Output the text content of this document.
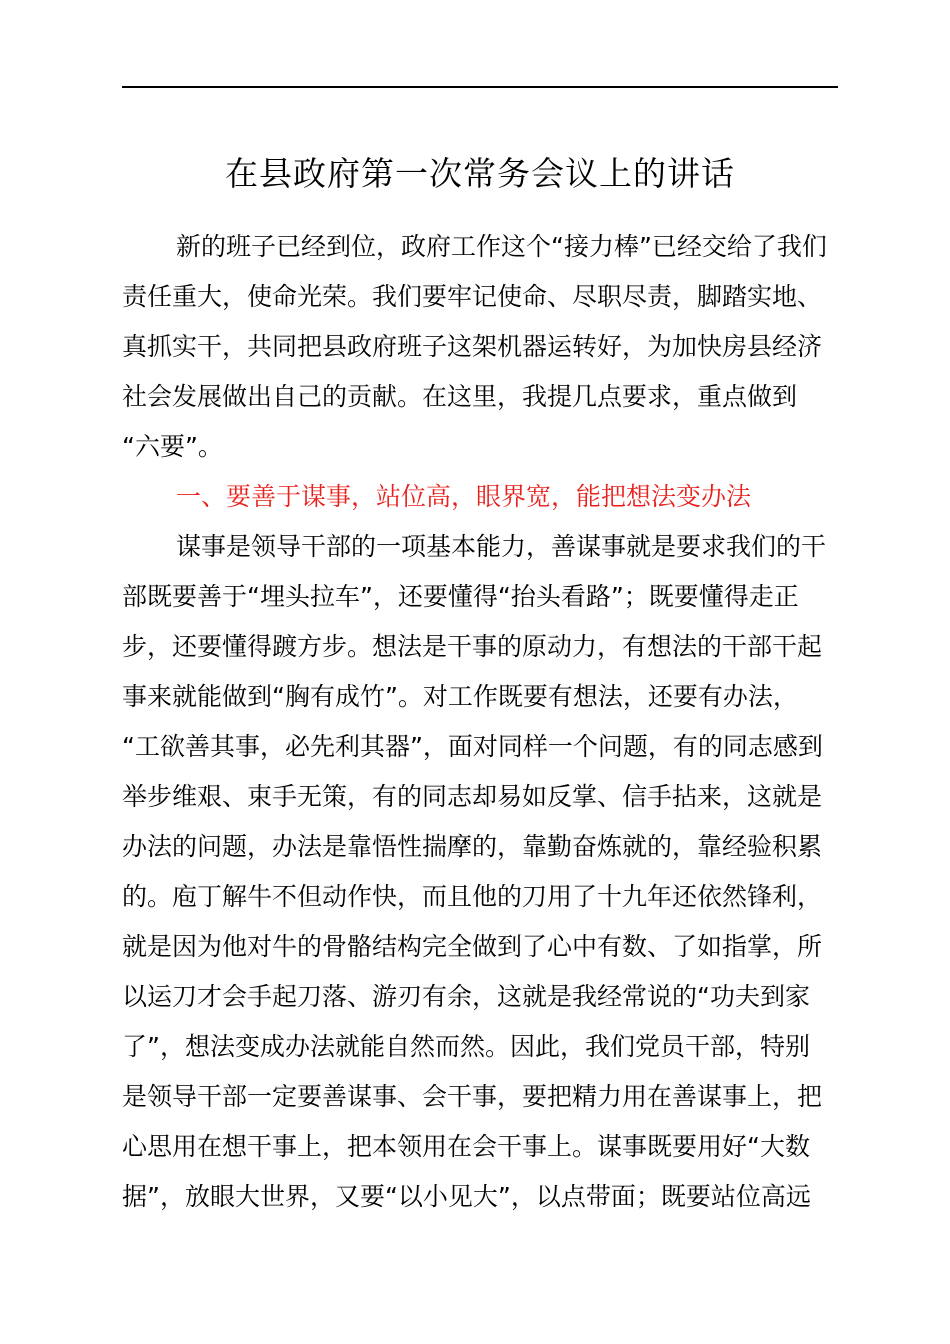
在县政府第一次常务会议上的讲话
新的班子已经到位，政府工作这个“接力棒”已经交给了我们
责任重大，使命光荣。我们要牢记使命、尽职尽责，脚踏实地、
真抓实干，共同把县政府班子这架机器运转好，为加快房县经济
社会发展做出自己的贡献。在这里，我提几点要求，重点做到
“六要”。
一、要善于谋事，站位高，眼界宽，能把想法变办法
谋事是领导干部的一项基本能力，善谋事就是要求我们的干
部既要善于“埋头拉车”，还要懂得“抬头看路”；既要懂得走正
步，还要懂得踱方步。想法是干事的原动力，有想法的干部干起
事来就能做到“胸有成竹”。对工作既要有想法，还要有办法，
“工欲善其事，必先利其器”，面对同样一个问题，有的同志感到
举步维艰、束手无策，有的同志却易如反掌、信手拈来，这就是
办法的问题，办法是靠悟性揣摩的，靠勤奋炼就的，靠经验积累
的。庖丁解牛不但动作快，而且他的刀用了十九年还依然锋利，
就是因为他对牛的骨骼结构完全做到了心中有数、了如指掌，所
以运刀才会手起刀落、游刃有余，这就是我经常说的“功夫到家
了”，想法变成办法就能自然而然。因此，我们党员干部，特别
是领导干部一定要善谋事、会干事，要把精力用在善谋事上，把
心思用在想干事上，把本领用在会干事上。谋事既要用好“大数
据”，放眼大世界，又要“以小见大”，以点带面；既要站位高远
